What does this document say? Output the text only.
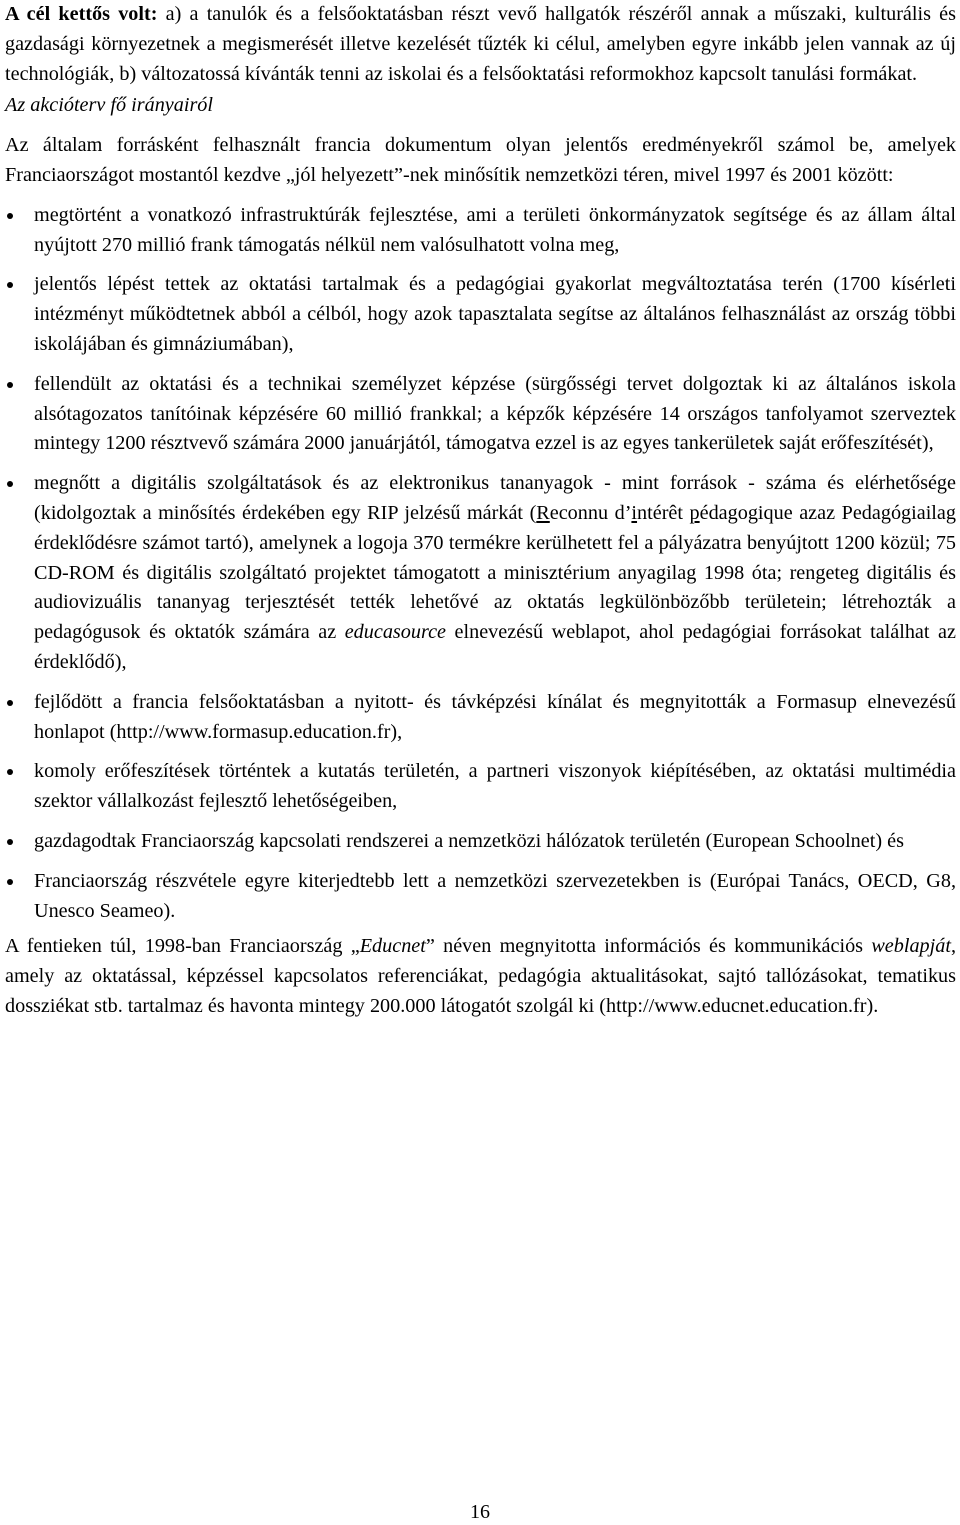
A cél kettős volt: a) a tanulók és a felsőoktatásban részt vevő hallgatók részéről annak a műszaki, kulturális és gazdasági környezetnek a megismerését illetve kezelését tűzték ki célul, amelyben egyre inkább jelen vannak az új technológiák, b) változatossá kívánták tenni az iskolai és a felsőoktatási reformokhoz kapcsolt tanulási formákat.

Az akcióterv fő irányairól

Az általam forrásként felhasznált francia dokumentum olyan jelentős eredményekről számol be, amelyek Franciaországot mostantól kezdve „jól helyezett”-nek minősítik nemzetközi téren, mivel 1997 és 2001 között:

megtörtént a vonatkozó infrastruktúrák fejlesztése, ami a területi önkormányzatok segítsége és az állam által nyújtott 270 millió frank támogatás nélkül nem valósulhatott volna meg,

jelentős lépést tettek az oktatási tartalmak és a pedagógiai gyakorlat megváltoztatása terén (1700 kísérleti intézményt működtetnek abból a célból, hogy azok tapasztalata segítse az általános felhasználást az ország többi iskolájában és gimnáziumában),

fellendült az oktatási és a technikai személyzet képzése (sürgősségi tervet dolgoztak ki az általános iskola alsótagozatos tanítóinak képzésére 60 millió frankkal; a képzők képzésére 14 országos tanfolyamot szerveztek mintegy 1200 résztvevő számára 2000 januárjától, támogatva ezzel is az egyes tankerületek saját erőfeszítését),

megnőtt a digitális szolgáltatások és az elektronikus tananyagok - mint források - száma és elérhetősége (kidolgoztak a minősítés érdekében egy RIP jelzésű márkát (Reconnu d’intérêt pédagogique azaz Pedagógiailag érdeklődésre számot tartó), amelynek a logoja 370 termékre kerülhetett fel a pályázatra benyújtott 1200 közül; 75 CD-ROM és digitális szolgáltató projektet támogatott a minisztérium anyagilag 1998 óta; rengeteg digitális és audiovizuális tananyag terjesztését tették lehetővé az oktatás legkülönbözőbb területein; létrehozták a pedagógusok és oktatók számára az educasource elnevezésű weblapot, ahol pedagógiai forrásokat találhat az érdeklődő),

fejlődött a francia felsőoktatásban a nyitott- és távképzési kínálat és megnyitották a Formasup elnevezésű honlapot (http://www.formasup.education.fr),

komoly erőfeszítések történtek a kutatás területén, a partneri viszonyok kiépítésében, az oktatási multimédia szektor vállalkozást fejlesztő lehetőségeiben,

gazdagodtak Franciaország kapcsolati rendszerei a nemzetközi hálózatok területén (European Schoolnet) és

Franciaország részvétele egyre kiterjedtebb lett a nemzetközi szervezetekben is (Európai Tanács, OECD, G8, Unesco Seameo).

A fentieken túl, 1998-ban Franciaország „Educnet” néven megnyitotta információs és kommunikációs weblapját, amely az oktatással, képzéssel kapcsolatos referenciákat, pedagógia aktualitásokat, sajtó tallózásokat, tematikus dossziékat stb. tartalmaz és havonta mintegy 200.000 látogatót szolgál ki (http://www.educnet.education.fr).

16
